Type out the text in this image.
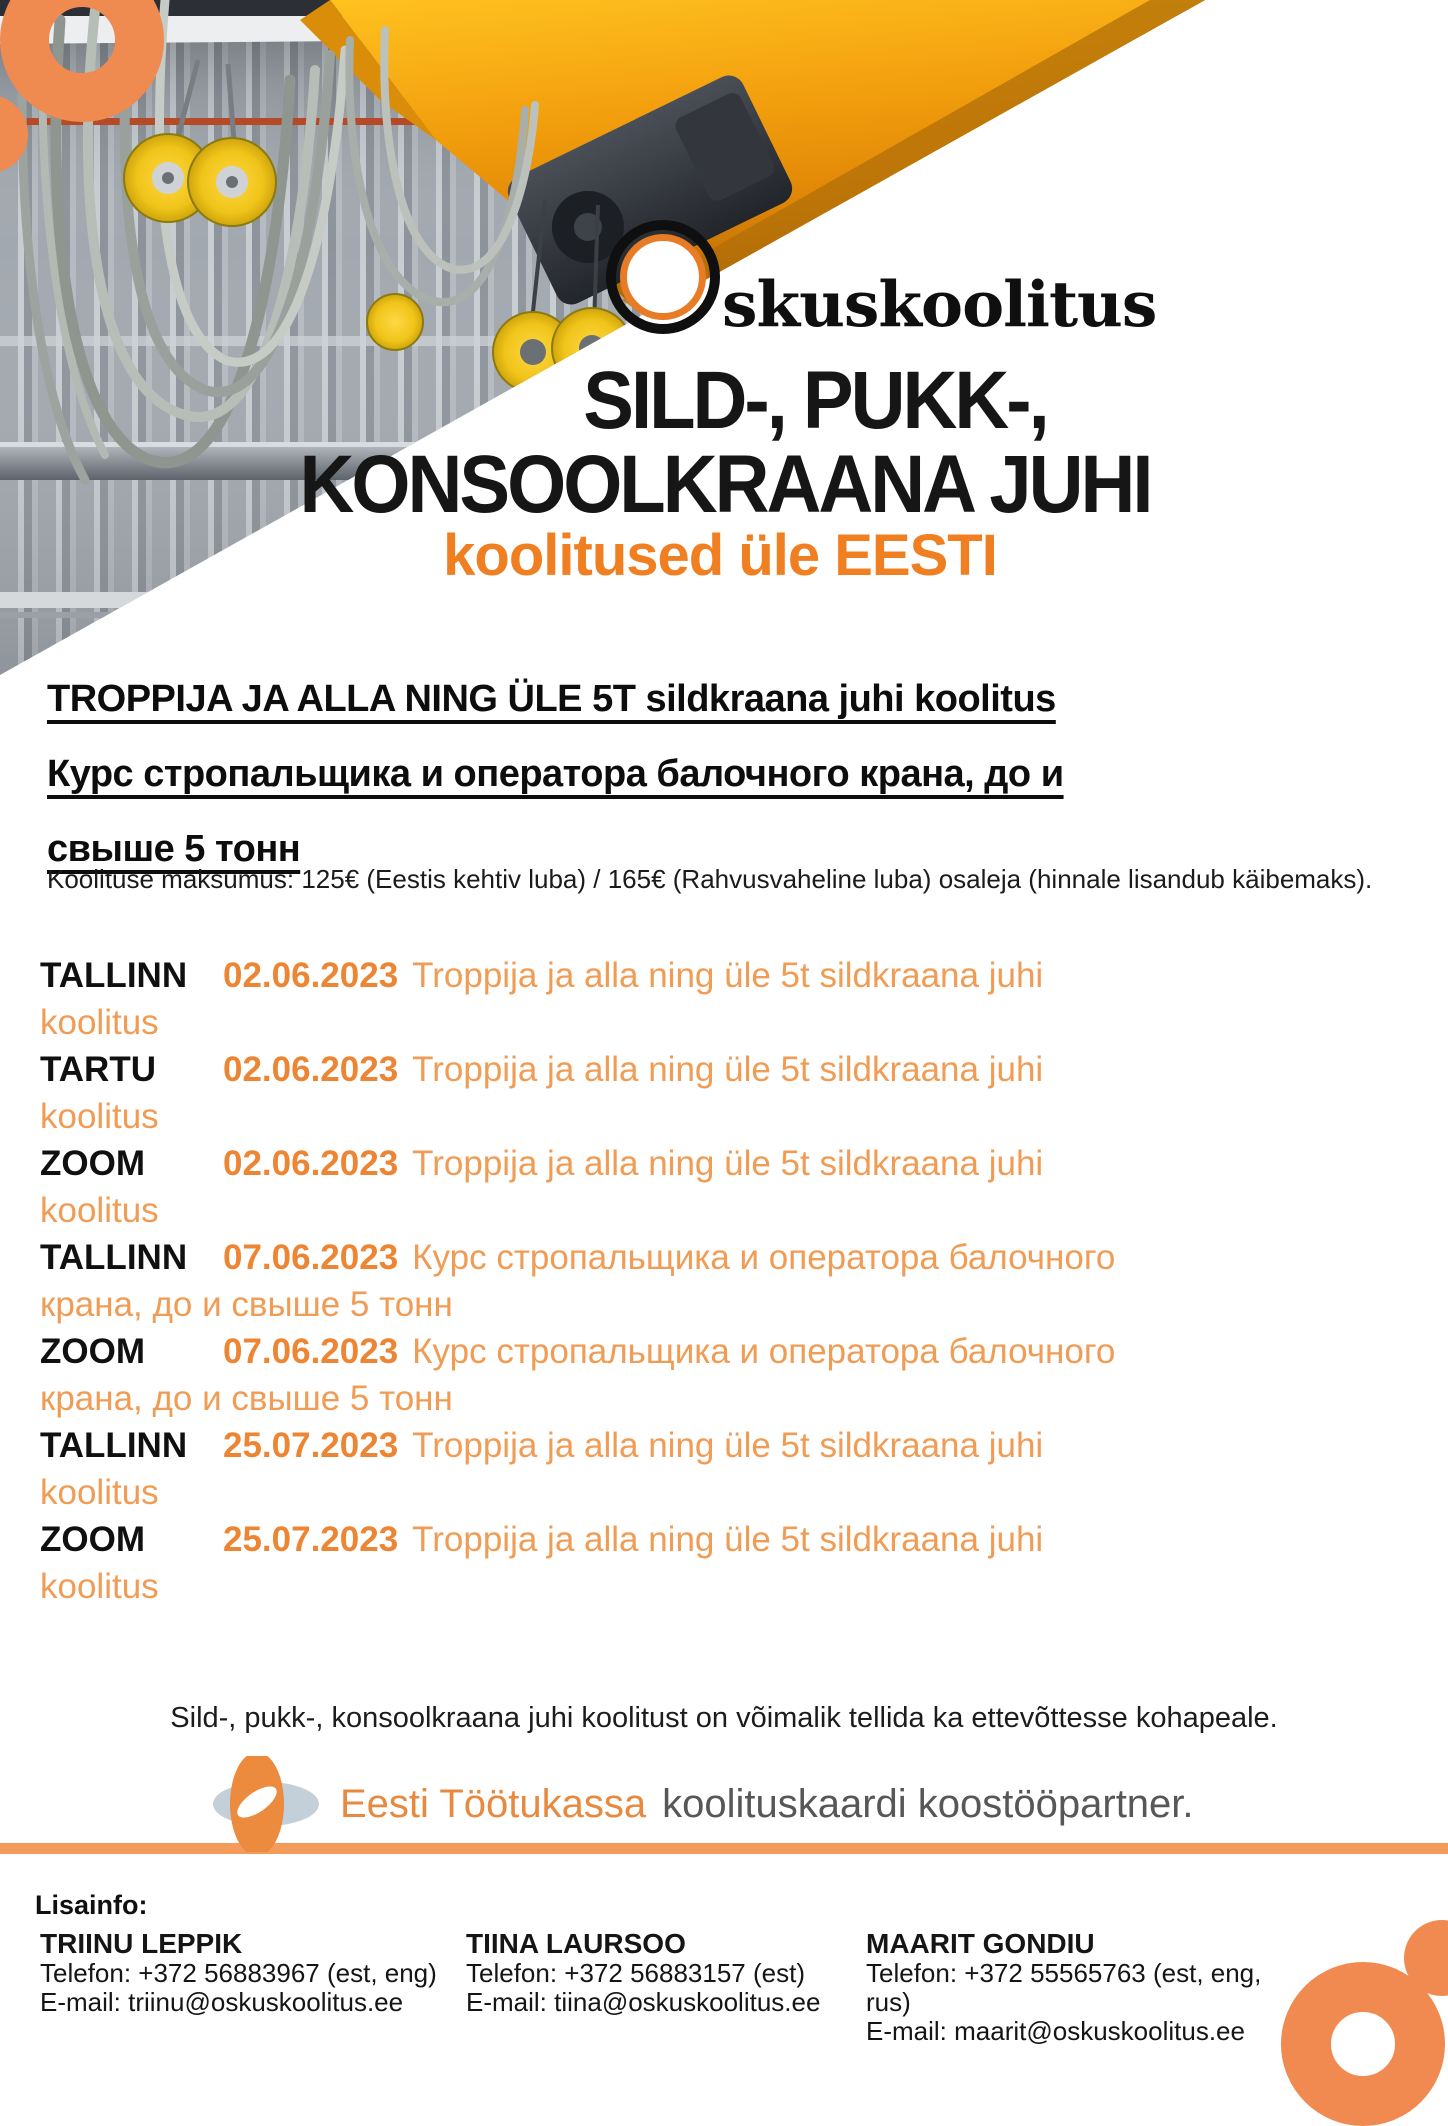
skuskoolitus
SILD-, PUKK-,
KONSOOLKRAANA JUHI
koolitused üle EESTI
TROPPIJA JA ALLA NING ÜLE 5T sildkraana juhi koolitus
Курс стропальщика и оператора балочного крана, до и свыше 5 тонн
Koolituse maksumus: 125€ (Eestis kehtiv luba) / 165€ (Rahvusvaheline luba) osaleja (hinnale lisandub käibemaks).
TALLINN 02.06.2023 Troppija ja alla ning üle 5t sildkraana juhi koolitus
TARTU 02.06.2023 Troppija ja alla ning üle 5t sildkraana juhi koolitus
ZOOM 02.06.2023 Troppija ja alla ning üle 5t sildkraana juhi koolitus
TALLINN 07.06.2023 Курс стропальщика и оператора балочного крана, до и свыше 5 тонн
ZOOM 07.06.2023 Курс стропальщика и оператора балочного крана, до и свыше 5 тонн
TALLINN 25.07.2023 Troppija ja alla ning üle 5t sildkraana juhi koolitus
ZOOM 25.07.2023 Troppija ja alla ning üle 5t sildkraana juhi koolitus
Sild-, pukk-, konsoolkraana juhi koolitust on võimalik tellida ka ettevõttesse kohapeale.
Eesti Töötukassa koolituskaardi koostööpartner.
Lisainfo:
TRIINU LEPPIK
Telefon: +372 56883967 (est, eng)
E-mail: triinu@oskuskoolitus.ee
TIINA LAURSOO
Telefon: +372 56883157 (est)
E-mail: tiina@oskuskoolitus.ee
MAARIT GONDIU
Telefon: +372 55565763 (est, eng, rus)
E-mail: maarit@oskuskoolitus.ee
